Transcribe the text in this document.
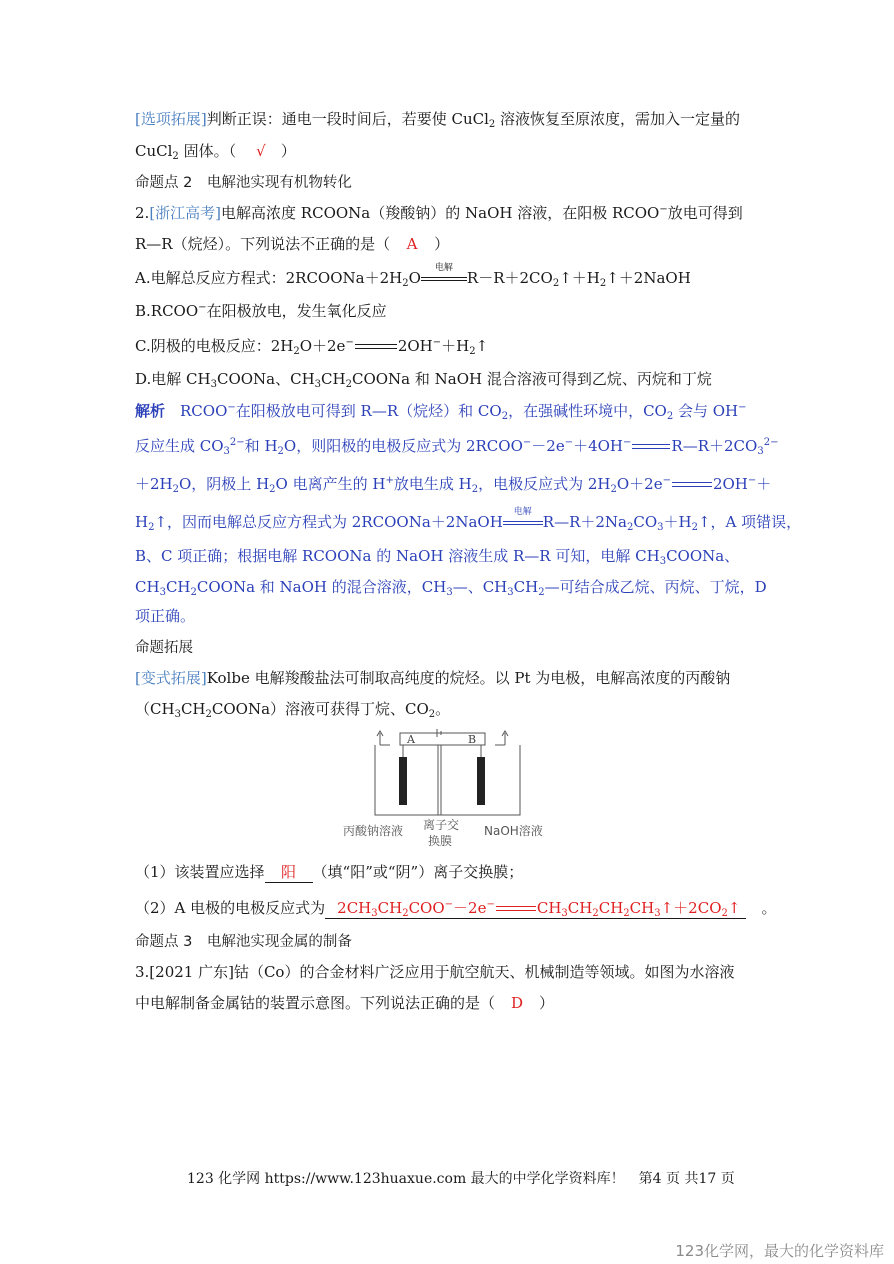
[选项拓展]判断正误：通电一段时间后，若要使 CuCl$_2$ 溶液恢复至原浓度，需加入一定量的
CuCl$_2$ 固体。（ √ ）
命题点 2　电解池实现有机物转化
2.[浙江高考]电解高浓度 RCOONa（羧酸钠）的 NaOH 溶液，在阳极 RCOO−放电可得到
R—R（烷烃）。下列说法不正确的是（ A ）
A.电解总反应方程式：$2RCOONa+2H_2O$
电解
$R-R+2CO_2↑+H_2↑+2NaOH$
B.RCOO−在阳极放电，发生氧化反应
C.阴极的电极反应：$2H_2O+2e^-$	$2OH^-+H_2↑$
D.电解 $CH_3COONa$、$CH_3CH_2COONa$ 和 NaOH 混合溶液可得到乙烷、丙烷和丁烷
解析　RCOO−在阳极放电可得到 R—R（烷烃）和 $CO_2$，在强碱性环境中，$CO_2$ 会与 OH−
反应生成 $CO_3^{2-}$和 $H_2O$，则阳极的电极反应式为 2RCOO−－2e−＋4OH−	$R—R+2CO_3^{2-}$
$+2H_2O$，阴极上 $H_2O$ 电离产生的 H+放电生成 $H_2$，电极反应式为 $2H_2O+2e^-$	2OH−＋
$H_2↑$，因而电解总反应方程式为 2RCOONa＋2NaOH
电解
$R—R+2Na_2CO_3+H_2↑$，A 项错误，
B、C 项正确；根据电解 RCOONa 的 NaOH 溶液生成 R—R 可知，电解 $CH_3COONa$、
$CH_3CH_2COONa$ 和 NaOH 的混合溶液，$CH_3—$、$CH_3CH_2—$可结合成乙烷、丙烷、丁烷，D
项正确。
命题拓展
[变式拓展]Kolbe 电解羧酸盐法可制取高纯度的烷烃。以 Pt 为电极，电解高浓度的丙酸钠
$(CH_3CH_2COONa)$溶液可获得丁烷、$CO_2$。
A	B
丙酸钠溶液 离子交
换膜
NaOH溶液
（1）该装置应选择 阳 （填“阳”或“阴”）离子交换膜；
（2）A 电极的电极反应式为 $2CH_3CH_2COO^--2e^-$	$CH_3CH_2CH_2CH_3↑+2CO_2↑$　。
命题点 3　电解池实现金属的制备
3.[2021 广东]钴（Co）的合金材料广泛应用于航空航天、机械制造等领域。如图为水溶液
中电解制备金属钴的装置示意图。下列说法正确的是（ D ）
123 化学网 https://www.123huaxue.com 最大的中学化学资料库！　第4 页 共17 页
123化学网，最大的化学资料库
